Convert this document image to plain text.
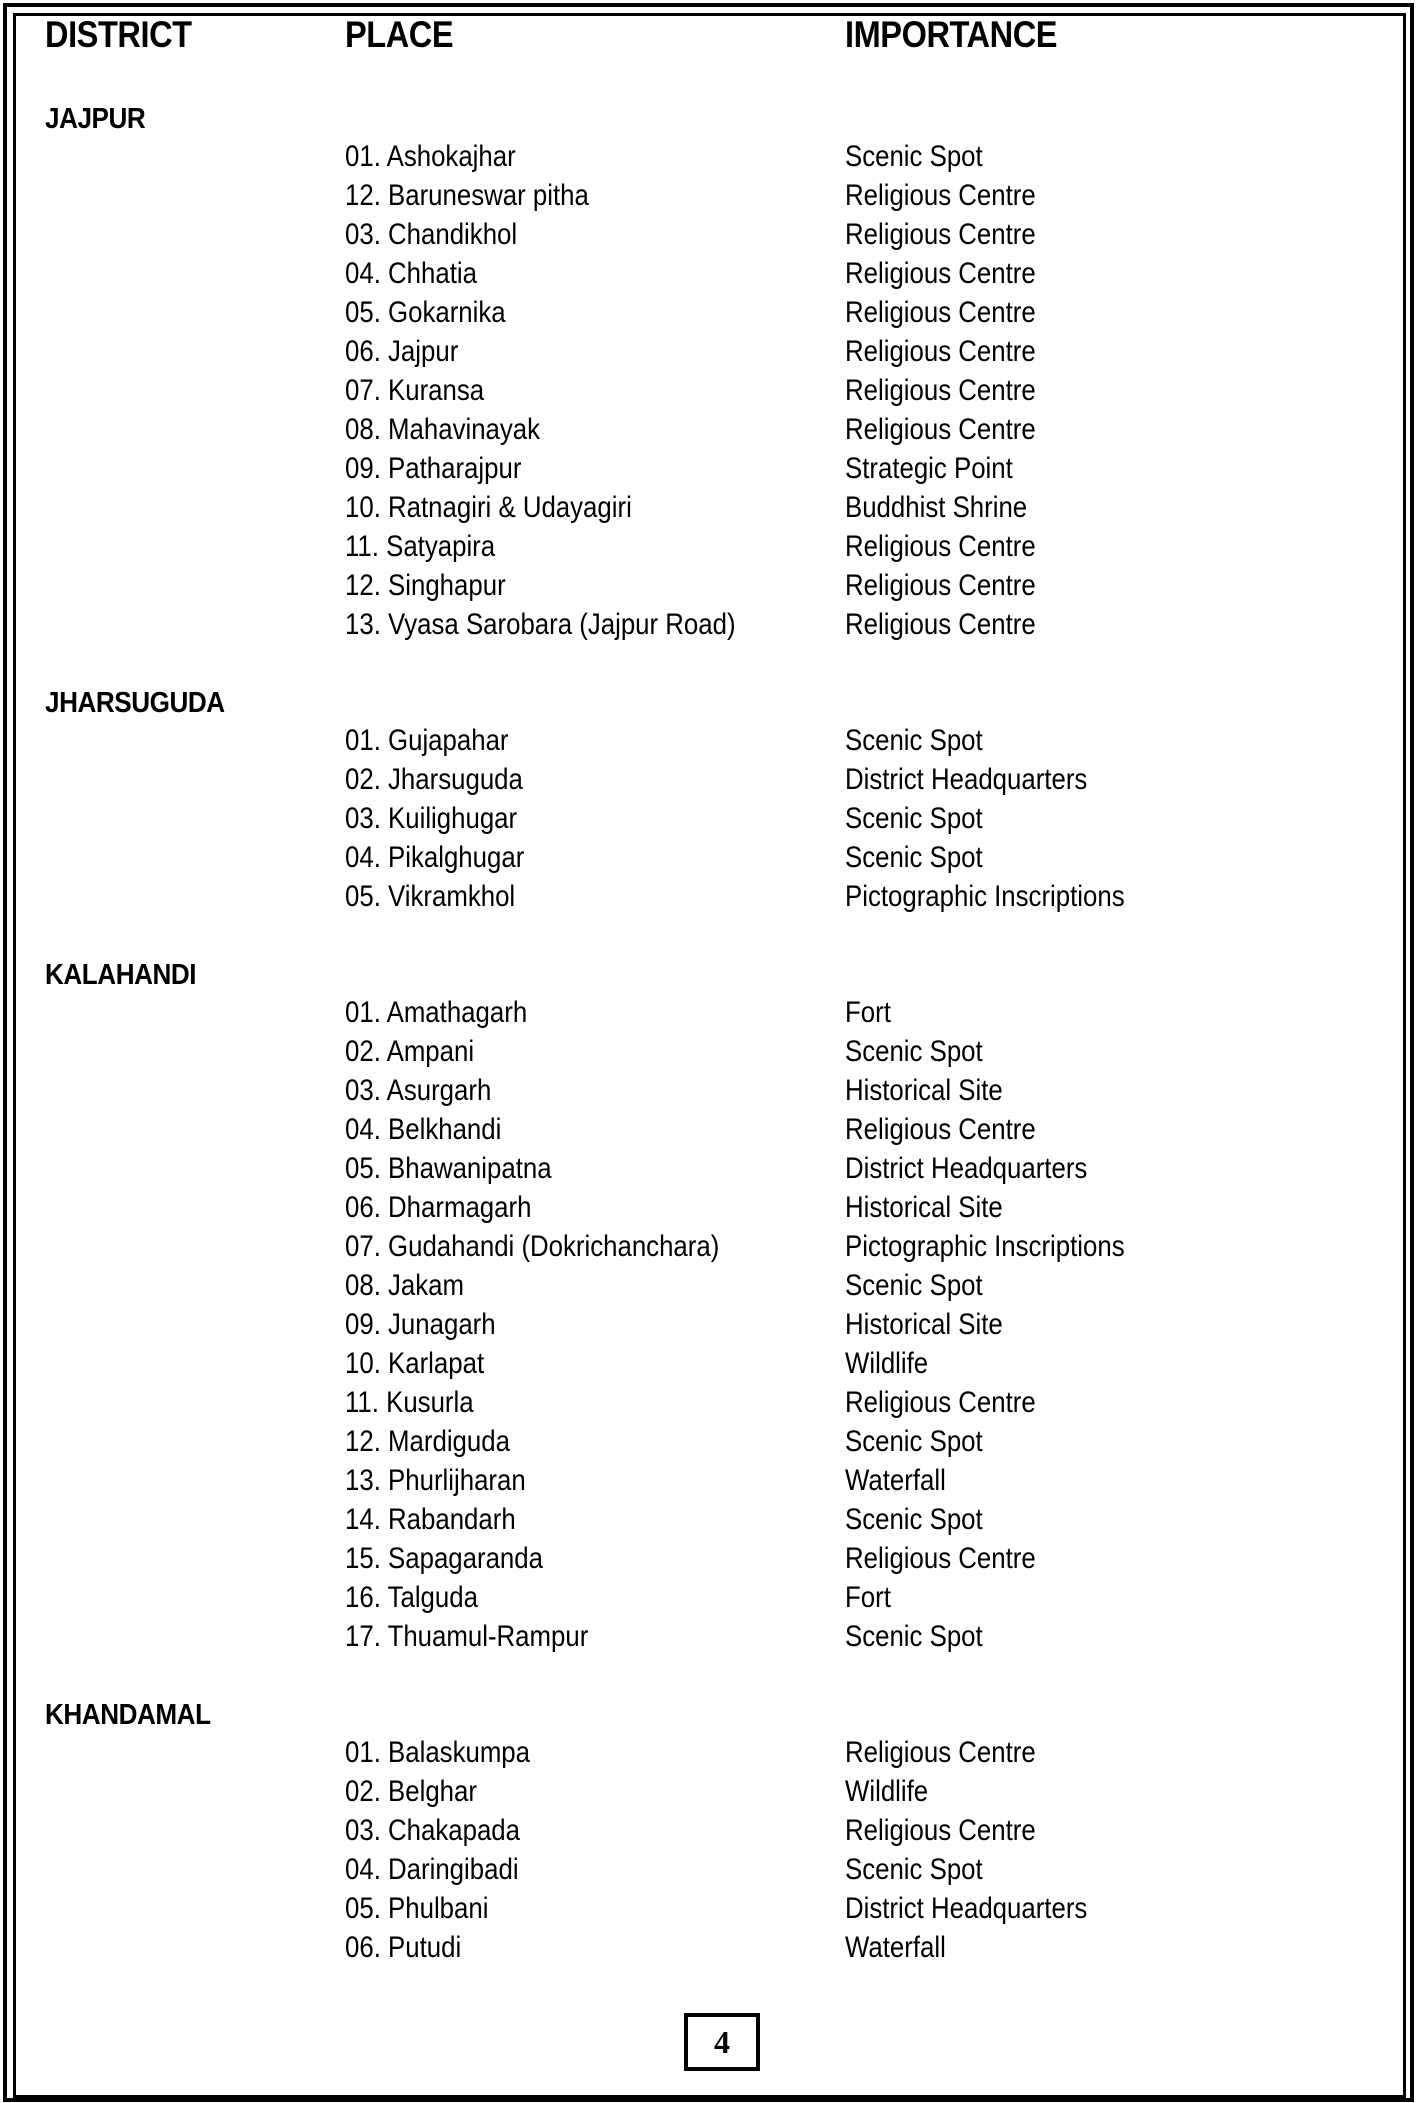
DISTRICT	PLACE	IMPORTANCE
JAJPUR
01. Ashokajhar	Scenic Spot
12. Baruneswar pitha	Religious Centre
03. Chandikhol	Religious Centre
04. Chhatia	Religious Centre
05. Gokarnika	Religious Centre
06. Jajpur	Religious Centre
07. Kuransa	Religious Centre
08. Mahavinayak	Religious Centre
09. Patharajpur	Strategic Point
10. Ratnagiri & Udayagiri	Buddhist Shrine
11. Satyapira	Religious Centre
12. Singhapur	Religious Centre
13. Vyasa Sarobara (Jajpur Road)	Religious Centre
JHARSUGUDA
01. Gujapahar	Scenic Spot
02. Jharsuguda	District Headquarters
03. Kuilighugar	Scenic Spot
04. Pikalghugar	Scenic Spot
05. Vikramkhol	Pictographic Inscriptions
KALAHANDI
01. Amathagarh	Fort
02. Ampani	Scenic Spot
03. Asurgarh	Historical Site
04. Belkhandi	Religious Centre
05. Bhawanipatna	District Headquarters
06. Dharmagarh	Historical Site
07. Gudahandi (Dokrichanchara)	Pictographic Inscriptions
08. Jakam	Scenic Spot
09. Junagarh	Historical Site
10. Karlapat	Wildlife
11. Kusurla	Religious Centre
12. Mardiguda	Scenic Spot
13. Phurlijharan	Waterfall
14. Rabandarh	Scenic Spot
15. Sapagaranda	Religious Centre
16. Talguda	Fort
17. Thuamul-Rampur	Scenic Spot
KHANDAMAL
01. Balaskumpa	Religious Centre
02. Belghar	Wildlife
03. Chakapada	Religious Centre
04. Daringibadi	Scenic Spot
05. Phulbani	District Headquarters
06. Putudi	Waterfall
4
